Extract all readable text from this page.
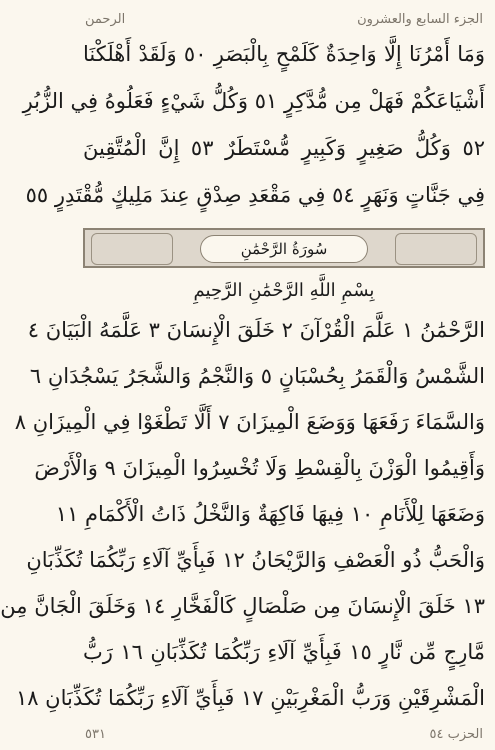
الجزء السابع والعشرون
الرحمن
وَمَا أَمْرُنَا إِلَّا وَاحِدَةٌ كَلَمْحٍ بِالْبَصَرِ ٥٠ وَلَقَدْ أَهْلَكْنَا
أَشْيَاعَكُمْ فَهَلْ مِن مُّدَّكِرٍ ٥١ وَكُلُّ شَيْءٍ فَعَلُوهُ فِي الزُّبُرِ
٥٢ وَكُلُّ صَغِيرٍ وَكَبِيرٍ مُّسْتَطَرٌ ٥٣ إِنَّ الْمُتَّقِينَ
فِي جَنَّاتٍ وَنَهَرٍ ٥٤ فِي مَقْعَدِ صِدْقٍ عِندَ مَلِيكٍ مُّقْتَدِرٍ ٥٥
سُورَةُ الرَّحْمَٰنِ
بِسْمِ اللَّهِ الرَّحْمَٰنِ الرَّحِيمِ
الرَّحْمَٰنُ ١ عَلَّمَ الْقُرْآنَ ٢ خَلَقَ الْإِنسَانَ ٣ عَلَّمَهُ الْبَيَانَ ٤
الشَّمْسُ وَالْقَمَرُ بِحُسْبَانٍ ٥ وَالنَّجْمُ وَالشَّجَرُ يَسْجُدَانِ ٦
وَالسَّمَاءَ رَفَعَهَا وَوَضَعَ الْمِيزَانَ ٧ أَلَّا تَطْغَوْا فِي الْمِيزَانِ ٨
وَأَقِيمُوا الْوَزْنَ بِالْقِسْطِ وَلَا تُخْسِرُوا الْمِيزَانَ ٩ وَالْأَرْضَ
وَضَعَهَا لِلْأَنَامِ ١٠ فِيهَا فَاكِهَةٌ وَالنَّخْلُ ذَاتُ الْأَكْمَامِ ١١
وَالْحَبُّ ذُو الْعَصْفِ وَالرَّيْحَانُ ١٢ فَبِأَيِّ آلَاءِ رَبِّكُمَا تُكَذِّبَانِ
١٣ خَلَقَ الْإِنسَانَ مِن صَلْصَالٍ كَالْفَخَّارِ ١٤ وَخَلَقَ الْجَانَّ مِن
مَّارِجٍ مِّن نَّارٍ ١٥ فَبِأَيِّ آلَاءِ رَبِّكُمَا تُكَذِّبَانِ ١٦ رَبُّ
الْمَشْرِقَيْنِ وَرَبُّ الْمَغْرِبَيْنِ ١٧ فَبِأَيِّ آلَاءِ رَبِّكُمَا تُكَذِّبَانِ ١٨
الحزب ٥٤
٥٣١
